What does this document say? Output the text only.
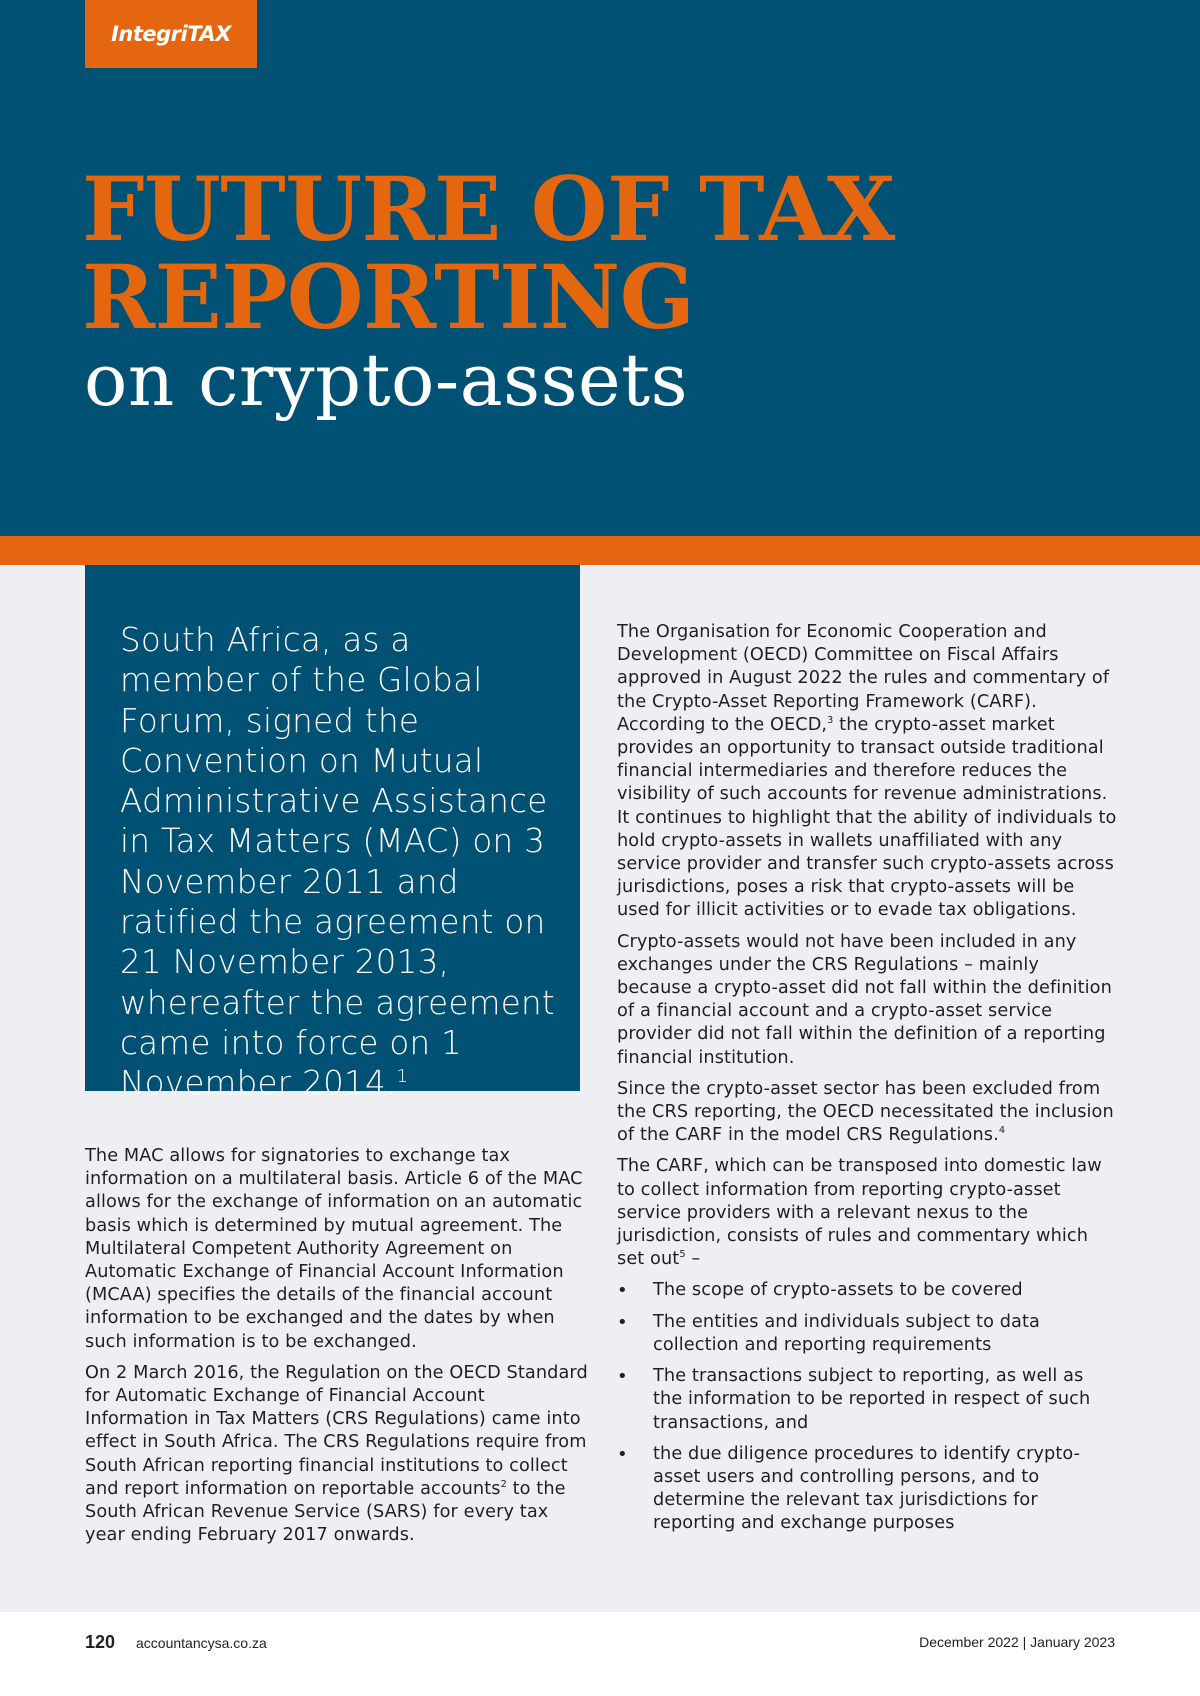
IntegriTAX
FUTURE OF TAX
REPORTING
on crypto-assets

South Africa, as a member of the Global Forum, signed the Convention on Mutual Administrative Assistance in Tax Matters (MAC) on 3 November 2011 and ratified the agreement on 21 November 2013, whereafter the agreement came into force on 1 November 2014.$^1$

The MAC allows for signatories to exchange tax information on a multilateral basis. Article 6 of the MAC allows for the exchange of information on an automatic basis which is determined by mutual agreement. The Multilateral Competent Authority Agreement on Automatic Exchange of Financial Account Information (MCAA) specifies the details of the financial account information to be exchanged and the dates by when such information is to be exchanged.

On 2 March 2016, the Regulation on the OECD Standard for Automatic Exchange of Financial Account Information in Tax Matters (CRS Regulations) came into effect in South Africa. The CRS Regulations require from South African reporting financial institutions to collect and report information on reportable accounts$^2$ to the South African Revenue Service (SARS) for every tax year ending February 2017 onwards.

The Organisation for Economic Cooperation and Development (OECD) Committee on Fiscal Affairs approved in August 2022 the rules and commentary of the Crypto-Asset Reporting Framework (CARF). According to the OECD,$^3$ the crypto-asset market provides an opportunity to transact outside traditional financial intermediaries and therefore reduces the visibility of such accounts for revenue administrations. It continues to highlight that the ability of individuals to hold crypto-assets in wallets unaffiliated with any service provider and transfer such crypto-assets across jurisdictions, poses a risk that crypto-assets will be used for illicit activities or to evade tax obligations.

Crypto-assets would not have been included in any exchanges under the CRS Regulations – mainly because a crypto-asset did not fall within the definition of a financial account and a crypto-asset service provider did not fall within the definition of a reporting financial institution.

Since the crypto-asset sector has been excluded from the CRS reporting, the OECD necessitated the inclusion of the CARF in the model CRS Regulations.$^4$

The CARF, which can be transposed into domestic law to collect information from reporting crypto-asset service providers with a relevant nexus to the jurisdiction, consists of rules and commentary which set out$^5$ –

• The scope of crypto-assets to be covered
• The entities and individuals subject to data collection and reporting requirements
• The transactions subject to reporting, as well as the information to be reported in respect of such transactions, and
• the due diligence procedures to identify crypto-asset users and controlling persons, and to determine the relevant tax jurisdictions for reporting and exchange purposes
120 accountancysa.co.za	December 2022 | January 2023
